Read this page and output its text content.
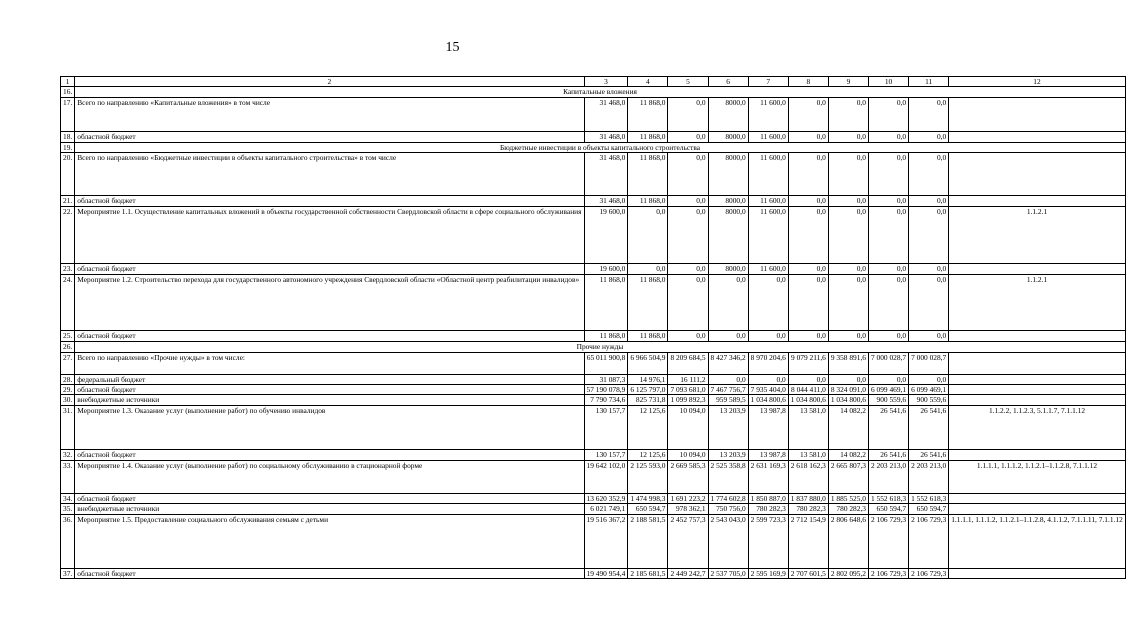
15
1	2	3	4	5	6	7	8	9	10	11	12
16.	Капитальные вложения										
17.	Всего по направлению «Капитальные вложения» в том числе	31 468,0	11 868,0	0,0	8000,0	11 600,0	0,0	0,0	0,0	0,0	
18.	областной бюджет	31 468,0	11 868,0	0,0	8000,0	11 600,0	0,0	0,0	0,0	0,0	
19.	Бюджетные инвестиции в объекты капитального строительства										
20.	Всего по направлению «Бюджетные инвестиции в объекты капитального строительства» в том числе	31 468,0	11 868,0	0,0	8000,0	11 600,0	0,0	0,0	0,0	0,0	
21.	областной бюджет	31 468,0	11 868,0	0,0	8000,0	11 600,0	0,0	0,0	0,0	0,0	
22.	Мероприятие 1.1. Осуществление капитальных вложений в объекты государственной собственности Свердловской области в сфере социального обслуживания	19 600,0	0,0	0,0	8000,0	11 600,0	0,0	0,0	0,0	0,0	1.1.2.1
23.	областной бюджет	19 600,0	0,0	0,0	8000,0	11 600,0	0,0	0,0	0,0	0,0	
24.	Мероприятие 1.2. Строительство перехода для государственного автономного учреждения Свердловской области «Областной центр реабилитации инвалидов»	11 868,0	11 868,0	0,0	0,0	0,0	0,0	0,0	0,0	0,0	1.1.2.1
25.	областной бюджет	11 868,0	11 868,0	0,0	0,0	0,0	0,0	0,0	0,0	0,0	
26.	Прочие нужды										
27.	Всего по направлению «Прочие нужды» в том числе:	65 011 900,8	6 966 504,9	8 209 684,5	8 427 346,2	8 970 204,6	9 079 211,6	9 358 891,6	7 000 028,7	7 000 028,7	
28.	федеральный бюджет	31 087,3	14 976,1	16 111,2	0,0	0,0	0,0	0,0	0,0	0,0	
29.	областной бюджет	57 190 078,9	6 125 797,0	7 093 681,0	7 467 756,7	7 935 404,0	8 044 411,0	8 324 091,0	6 099 469,1	6 099 469,1	
30.	внебюджетные источники	7 790 734,6	825 731,8	1 099 892,3	959 589,5	1 034 800,6	1 034 800,6	1 034 800,6	900 559,6	900 559,6	
31.	Мероприятие 1.3. Оказание услуг (выполнение работ) по обучению инвалидов	130 157,7	12 125,6	10 094,0	13 203,9	13 987,8	13 581,0	14 082,2	26 541,6	26 541,6	1.1.2.2, 1.1.2.3, 5.1.1.7, 7.1.1.12
32.	областной бюджет	130 157,7	12 125,6	10 094,0	13 203,9	13 987,8	13 581,0	14 082,2	26 541,6	26 541,6	
33.	Мероприятие 1.4. Оказание услуг (выполнение работ) по социальному обслуживанию в стационарной форме	19 642 102,0	2 125 593,0	2 669 585,3	2 525 358,8	2 631 169,3	2 618 162,3	2 665 807,3	2 203 213,0	2 203 213,0	1.1.1.1, 1.1.1.2, 1.1.2.1–1.1.2.8, 7.1.1.12
34.	областной бюджет	13 620 352,9	1 474 998,3	1 691 223,2	1 774 602,8	1 850 887,0	1 837 880,0	1 885 525,0	1 552 618,3	1 552 618,3	
35.	внебюджетные источники	6 021 749,1	650 594,7	978 362,1	750 756,0	780 282,3	780 282,3	780 282,3	650 594,7	650 594,7	
36.	Мероприятие 1.5. Предоставление социального обслуживания семьям с детьми	19 516 367,2	2 188 581,5	2 452 757,3	2 543 043,0	2 599 723,3	2 712 154,9	2 806 648,6	2 106 729,3	2 106 729,3	1.1.1.1, 1.1.1.2, 1.1.2.1–1.1.2.8, 4.1.1.2, 7.1.1.11, 7.1.1.12
37.	областной бюджет	19 490 954,4	2 185 681,5	2 449 242,7	2 537 705,0	2 595 169,9	2 707 601,5	2 802 095,2	2 106 729,3	2 106 729,3	
